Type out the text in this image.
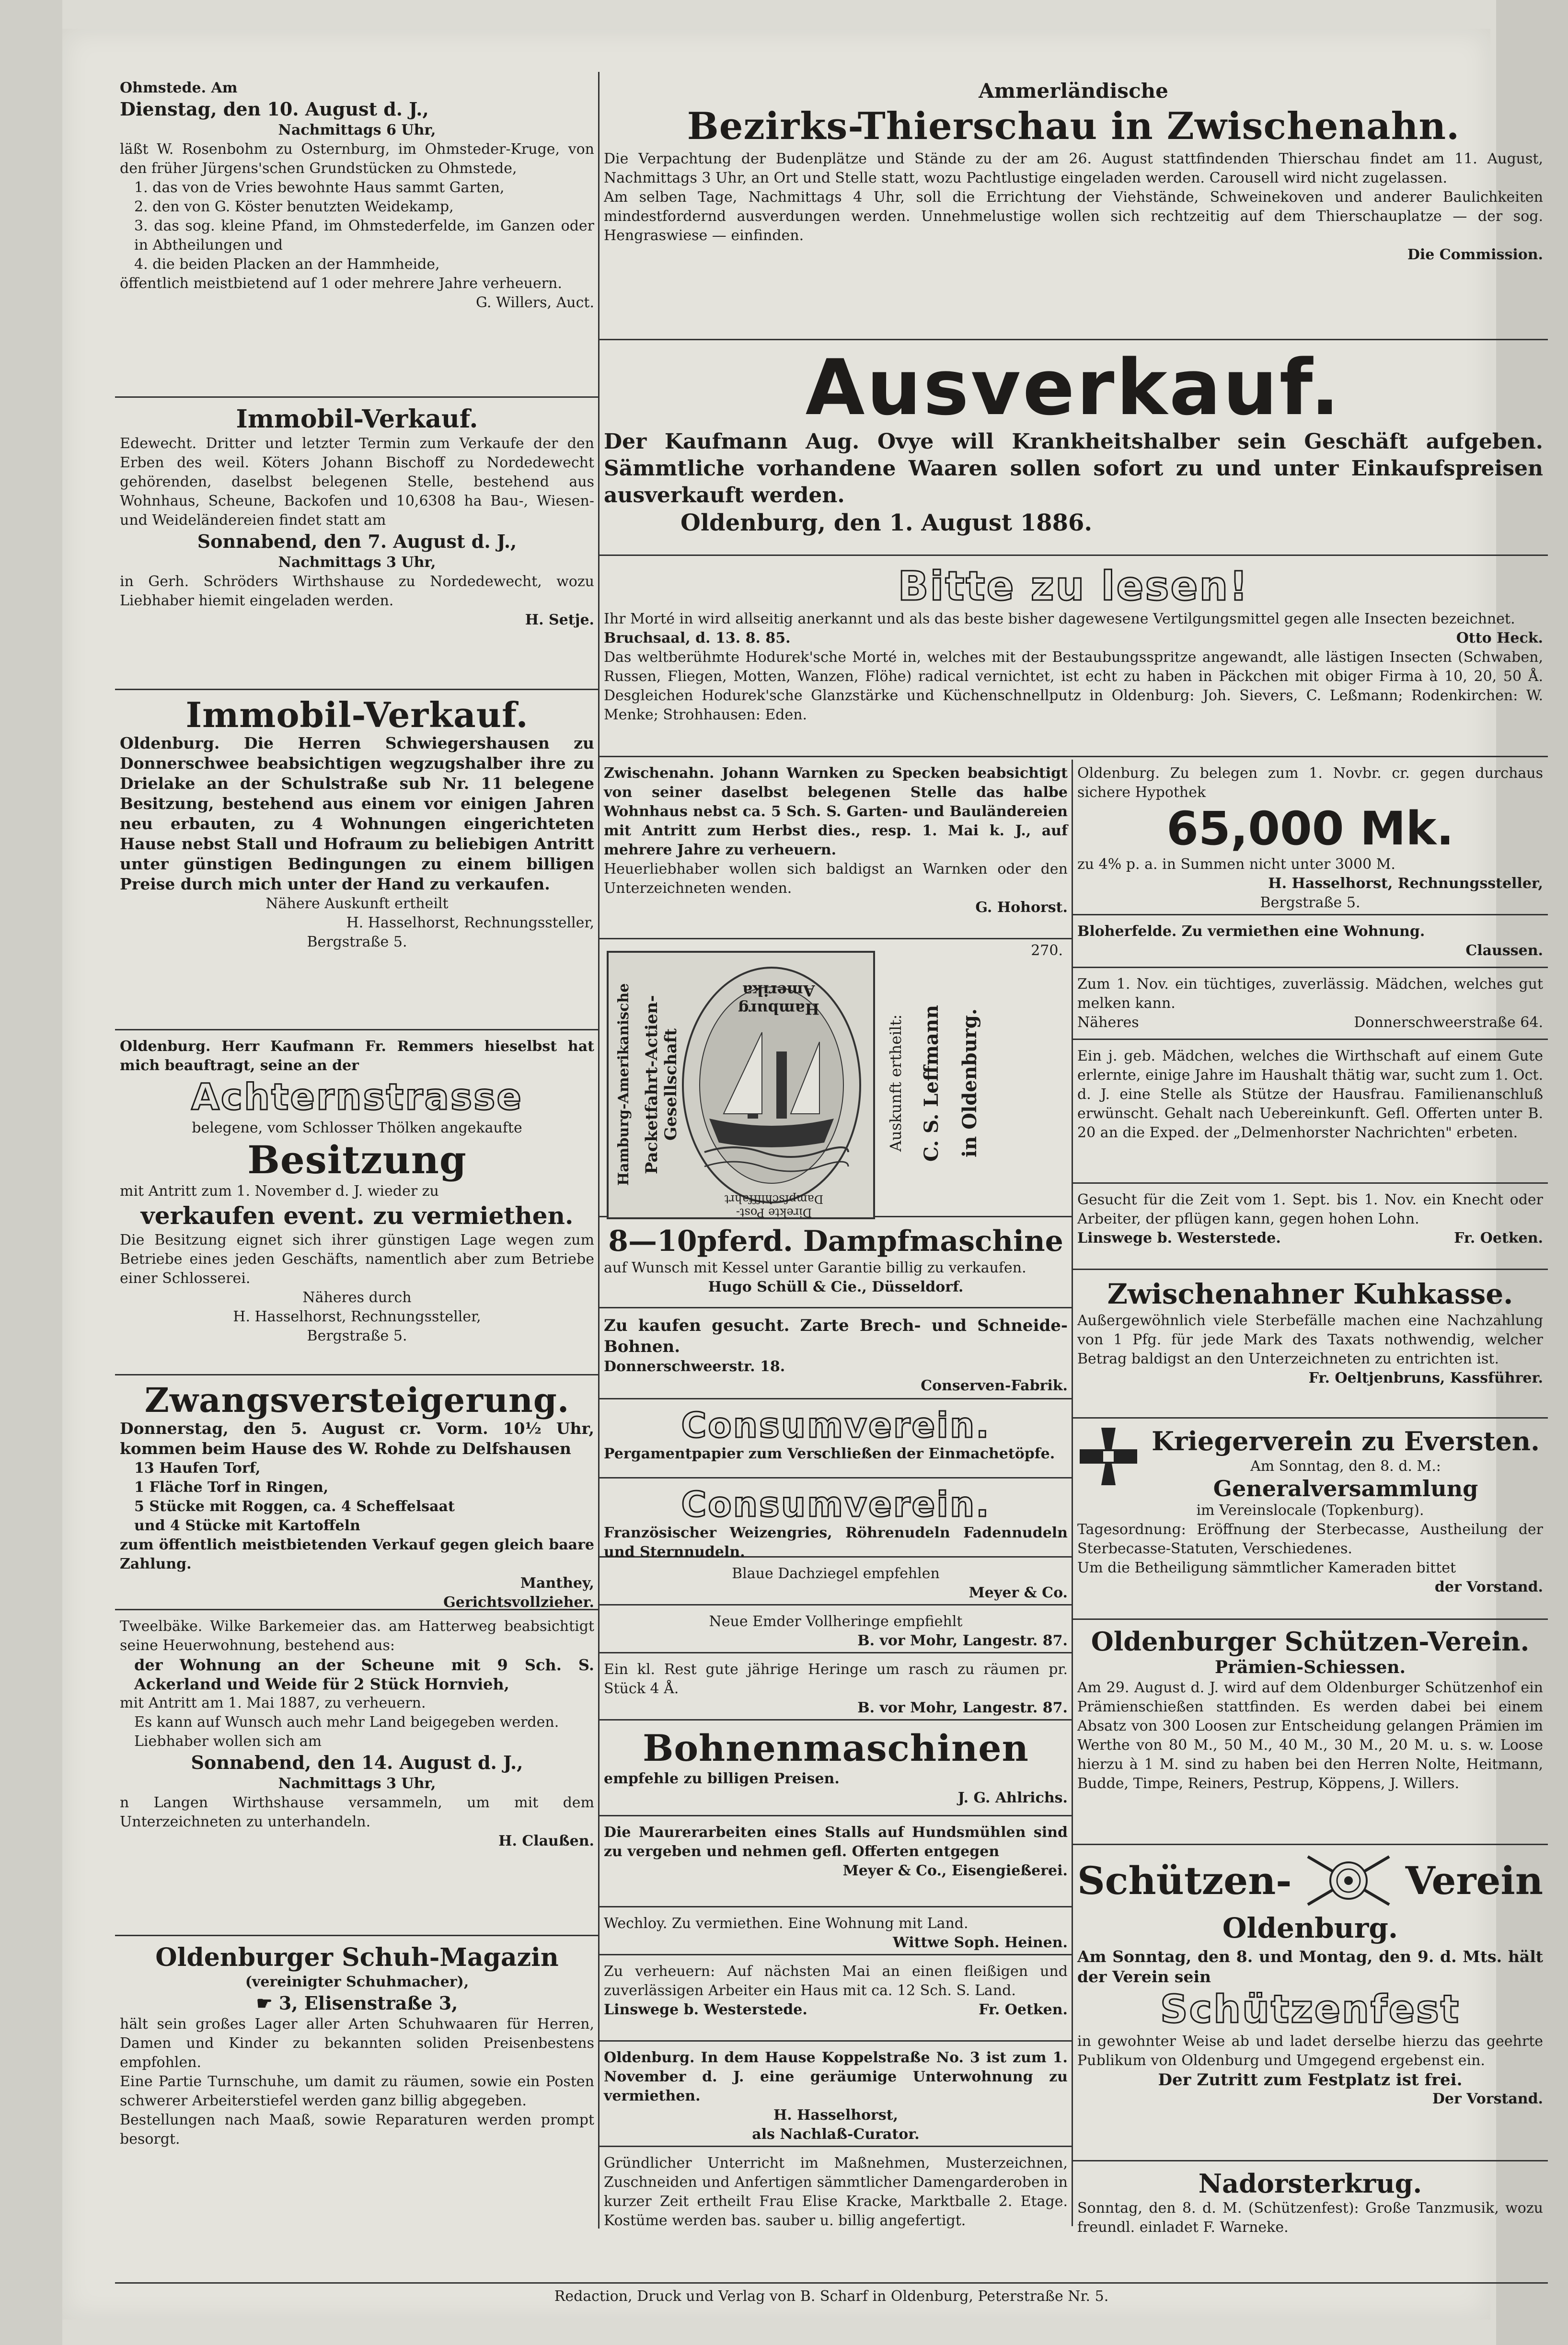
Ohmstede. Am

Dienstag, den 10. August d. J.,

Nachmittags 6 Uhr,

läßt W. Rosenbohm zu Osternburg, im Ohmsteder-Kruge, von den früher Jürgens'schen Grundstücken zu Ohmstede,

1. das von de Vries bewohnte Haus sammt Garten,

2. den von G. Köster benutzten Weidekamp,

3. das sog. kleine Pfand, im Ohmstederfelde, im Ganzen oder in Abtheilungen und

4. die beiden Placken an der Hammheide,

öffentlich meistbietend auf 1 oder mehrere Jahre verheuern.

G. Willers, Auct.

Immobil-Verkauf.

Edewecht. Dritter und letzter Termin zum Verkaufe der den Erben des weil. Köters Johann Bischoff zu Nordedewecht gehörenden, daselbst belegenen Stelle, bestehend aus Wohnhaus, Scheune, Backofen und 10,6308 ha Bau-, Wiesen- und Weideländereien findet statt am

Sonnabend, den 7. August d. J.,

Nachmittags 3 Uhr,

in Gerh. Schröders Wirthshause zu Nordedewecht, wozu Liebhaber hiemit eingeladen werden.

H. Setje.

Immobil-Verkauf.

Oldenburg. Die Herren Schwiegershausen zu Donnerschwee beabsichtigen wegzugshalber ihre zu Drielake an der Schulstraße sub Nr. 11 belegene Besitzung, bestehend aus einem vor einigen Jahren neu erbauten, zu 4 Wohnungen eingerichteten Hause nebst Stall und Hofraum zu beliebigen Antritt unter günstigen Bedingungen zu einem billigen Preise durch mich unter der Hand zu verkaufen.

Nähere Auskunft ertheilt

H. Hasselhorst, Rechnungssteller,

Bergstraße 5.

Oldenburg. Herr Kaufmann Fr. Remmers hieselbst hat mich beauftragt, seine an der

Achternstrasse

belegene, vom Schlosser Thölken angekaufte

Besitzung

mit Antritt zum 1. November d. J. wieder zu

verkaufen event. zu vermiethen.

Die Besitzung eignet sich ihrer günstigen Lage wegen zum Betriebe eines jeden Geschäfts, namentlich aber zum Betriebe einer Schlosserei.

Näheres durch

H. Hasselhorst, Rechnungssteller,

Bergstraße 5.

Zwangsversteigerung.

Donnerstag, den 5. August cr. Vorm. 10½ Uhr, kommen beim Hause des W. Rohde zu Delfshausen

13 Haufen Torf,

1 Fläche Torf in Ringen,

5 Stücke mit Roggen, ca. 4 Scheffelsaat

und 4 Stücke mit Kartoffeln

zum öffentlich meistbietenden Verkauf gegen gleich baare Zahlung.

Manthey,

Gerichtsvollzieher.

Tweelbäke. Wilke Barkemeier das. am Hatterweg beabsichtigt seine Heuerwohnung, bestehend aus:

der Wohnung an der Scheune mit 9 Sch. S. Ackerland und Weide für 2 Stück Hornvieh,

mit Antritt am 1. Mai 1887, zu verheuern.

Es kann auf Wunsch auch mehr Land beigegeben werden.

Liebhaber wollen sich am

Sonnabend, den 14. August d. J.,

Nachmittags 3 Uhr,

n Langen Wirthshause versammeln, um mit dem Unterzeichneten zu unterhandeln.

H. Claußen.

Oldenburger Schuh-Magazin

(vereinigter Schuhmacher),

☛ 3, Elisenstraße 3,

hält sein großes Lager aller Arten Schuhwaaren für Herren, Damen und Kinder zu bekannten soliden Preisenbestens empfohlen.

Eine Partie Turnschuhe, um damit zu räumen, sowie ein Posten schwerer Arbeiterstiefel werden ganz billig abgegeben.

Bestellungen nach Maaß, sowie Reparaturen werden prompt besorgt.

Ammerländische

Bezirks-Thierschau in Zwischenahn.

Die Verpachtung der Budenplätze und Stände zu der am 26. August stattfindenden Thierschau findet am 11. August, Nachmittags 3 Uhr, an Ort und Stelle statt, wozu Pachtlustige eingeladen werden. Carousell wird nicht zugelassen.

Am selben Tage, Nachmittags 4 Uhr, soll die Errichtung der Viehstände, Schweinekoven und anderer Baulichkeiten mindestfordernd ausverdungen werden. Unnehmelustige wollen sich rechtzeitig auf dem Thierschauplatze — der sog. Hengraswiese — einfinden.

Die Commission.

Ausverkauf.

Der Kaufmann Aug. Ovye will Krankheitshalber sein Geschäft aufgeben. Sämmtliche vorhandene Waaren sollen sofort zu und unter Einkaufspreisen ausverkauft werden.

Oldenburg, den 1. August 1886.

Bitte zu lesen!

Ihr Morté in wird allseitig anerkannt und als das beste bisher dagewesene Vertilgungsmittel gegen alle Insecten bezeichnet.

Bruchsaal, d. 13. 8. 85.	Otto Heck.

Das weltberühmte Hodurek'sche Morté in, welches mit der Bestaubungsspritze angewandt, alle lästigen Insecten (Schwaben, Russen, Fliegen, Motten, Wanzen, Flöhe) radical vernichtet, ist echt zu haben in Päckchen mit obiger Firma à 10, 20, 50 Å. Desgleichen Hodurek'sche Glanzstärke und Küchenschnellputz in Oldenburg: Joh. Sievers, C. Leßmann; Rodenkirchen: W. Menke; Strohhausen: Eden.

Zwischenahn. Johann Warnken zu Specken beabsichtigt von seiner daselbst belegenen Stelle das halbe Wohnhaus nebst ca. 5 Sch. S. Garten- und Bauländereien mit Antritt zum Herbst dies., resp. 1. Mai k. J., auf mehrere Jahre zu verheuern.

Heuerliebhaber wollen sich baldigst an Warnken oder den Unterzeichneten wenden.

G. Hohorst.

270.

Hamburg-Amerikanische Packetfahrt-Actien-Gesellschaft
Hamburg Amerika
Direkte Post-Dampfschifffahrt
Auskunft ertheilt: C. S. Leffmann in Oldenburg.

8—10pferd. Dampfmaschine

auf Wunsch mit Kessel unter Garantie billig zu verkaufen.

Hugo Schüll & Cie., Düsseldorf.

Zu kaufen gesucht. Zarte Brech- und Schneide-Bohnen.

Donnerschweerstr. 18.

Conserven-Fabrik.

Consumverein.

Pergamentpapier zum Verschließen der Einmachetöpfe.

Consumverein.

Französischer Weizengries, Röhrenudeln Fadennudeln und Sternnudeln.

Blaue Dachziegel empfehlen

Meyer & Co.

Neue Emder Vollheringe empfiehlt

B. vor Mohr, Langestr. 87.

Ein kl. Rest gute jährige Heringe um rasch zu räumen pr. Stück 4 Å.

B. vor Mohr, Langestr. 87.

Bohnenmaschinen

empfehle zu billigen Preisen.

J. G. Ahlrichs.

Die Maurerarbeiten eines Stalls auf Hundsmühlen sind zu vergeben und nehmen gefl. Offerten entgegen

Meyer & Co., Eisengießerei.

Wechloy. Zu vermiethen. Eine Wohnung mit Land.

Wittwe Soph. Heinen.

Zu verheuern: Auf nächsten Mai an einen fleißigen und zuverlässigen Arbeiter ein Haus mit ca. 12 Sch. S. Land.

Linswege b. Westerstede.	Fr. Oetken.

Oldenburg. In dem Hause Koppelstraße No. 3 ist zum 1. November d. J. eine geräumige Unterwohnung zu vermiethen.

H. Hasselhorst,

als Nachlaß-Curator.

Gründlicher Unterricht im Maßnehmen, Musterzeichnen, Zuschneiden und Anfertigen sämmtlicher Damengarderoben in kurzer Zeit ertheilt Frau Elise Kracke, Marktballe 2. Etage. Kostüme werden bas. sauber u. billig angefertigt.

Oldenburg. Zu belegen zum 1. Novbr. cr. gegen durchaus sichere Hypothek

65,000 Mk.

zu 4% p. a. in Summen nicht unter 3000 M.

H. Hasselhorst, Rechnungssteller,

Bergstraße 5.

Bloherfelde. Zu vermiethen eine Wohnung.

Claussen.

Zum 1. Nov. ein tüchtiges, zuverlässig. Mädchen, welches gut melken kann.

Näheres	Donnerschweerstraße 64.

Ein j. geb. Mädchen, welches die Wirthschaft auf einem Gute erlernte, einige Jahre im Haushalt thätig war, sucht zum 1. Oct. d. J. eine Stelle als Stütze der Hausfrau. Familienanschluß erwünscht. Gehalt nach Uebereinkunft. Gefl. Offerten unter B. 20 an die Exped. der „Delmenhorster Nachrichten" erbeten.

Gesucht für die Zeit vom 1. Sept. bis 1. Nov. ein Knecht oder Arbeiter, der pflügen kann, gegen hohen Lohn.

Linswege b. Westerstede.	Fr. Oetken.

Zwischenahner Kuhkasse.

Außergewöhnlich viele Sterbefälle machen eine Nachzahlung von 1 Pfg. für jede Mark des Taxats nothwendig, welcher Betrag baldigst an den Unterzeichneten zu entrichten ist.

Fr. Oeltjenbruns, Kassführer.

Kriegerverein zu Eversten.

Am Sonntag, den 8. d. M.:

Generalversammlung

im Vereinslocale (Topkenburg).

Tagesordnung: Eröffnung der Sterbecasse, Austheilung der Sterbecasse-Statuten, Verschiedenes.

Um die Betheiligung sämmtlicher Kameraden bittet

der Vorstand.

Oldenburger Schützen-Verein.

Prämien-Schiessen.

Am 29. August d. J. wird auf dem Oldenburger Schützenhof ein Prämienschießen stattfinden. Es werden dabei bei einem Absatz von 300 Loosen zur Entscheidung gelangen Prämien im Werthe von 80 M., 50 M., 40 M., 30 M., 20 M. u. s. w. Loose hierzu à 1 M. sind zu haben bei den Herren Nolte, Heitmann, Budde, Timpe, Reiners, Pestrup, Köppens, J. Willers.

Schützen-	Verein

Oldenburg.

Am Sonntag, den 8. und Montag, den 9. d. Mts. hält der Verein sein

Schützenfest

in gewohnter Weise ab und ladet derselbe hierzu das geehrte Publikum von Oldenburg und Umgegend ergebenst ein.

Der Zutritt zum Festplatz ist frei.

Der Vorstand.

Nadorsterkrug.

Sonntag, den 8. d. M. (Schützenfest): Große Tanzmusik, wozu freundl. einladet F. Warneke.

Redaction, Druck und Verlag von B. Scharf in Oldenburg, Peterstraße Nr. 5.
